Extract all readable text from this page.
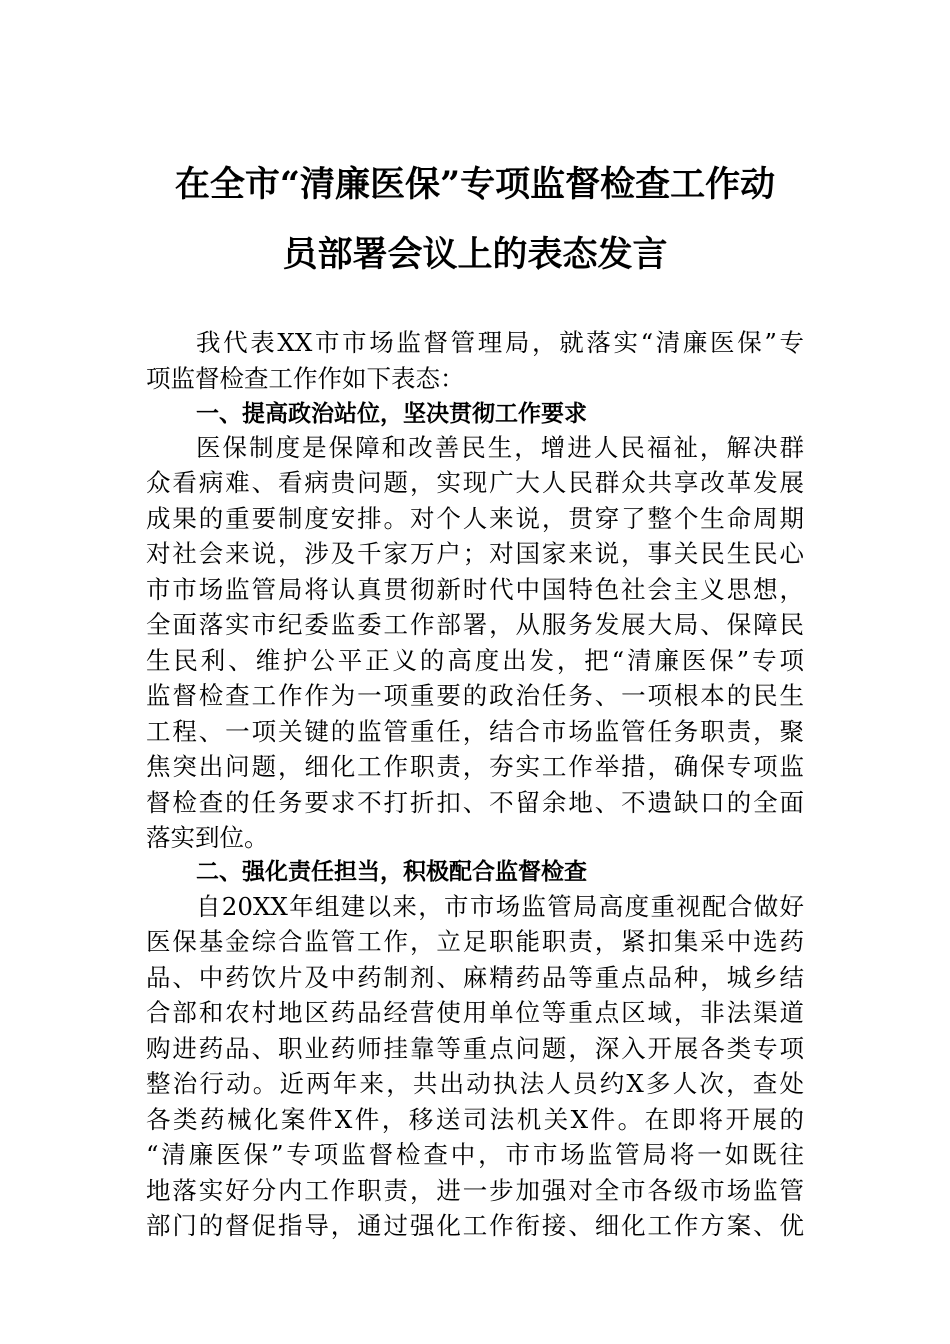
在全市“清廉医保”专项监督检查工作动
员部署会议上的表态发言
我代表XX市市场监督管理局，就落实“清廉医保”专
项监督检查工作作如下表态：
一、提高政治站位，坚决贯彻工作要求
医保制度是保障和改善民生，增进人民福祉，解决群
众看病难、看病贵问题，实现广大人民群众共享改革发展
成果的重要制度安排。对个人来说，贯穿了整个生命周期
对社会来说，涉及千家万户；对国家来说，事关民生民心
市市场监管局将认真贯彻新时代中国特色社会主义思想，
全面落实市纪委监委工作部署，从服务发展大局、保障民
生民利、维护公平正义的高度出发，把“清廉医保”专项
监督检查工作作为一项重要的政治任务、一项根本的民生
工程、一项关键的监管重任，结合市场监管任务职责，聚
焦突出问题，细化工作职责，夯实工作举措，确保专项监
督检查的任务要求不打折扣、不留余地、不遗缺口的全面
落实到位。
二、强化责任担当，积极配合监督检查
自20XX年组建以来，市市场监管局高度重视配合做好
医保基金综合监管工作，立足职能职责，紧扣集采中选药
品、中药饮片及中药制剂、麻精药品等重点品种，城乡结
合部和农村地区药品经营使用单位等重点区域，非法渠道
购进药品、职业药师挂靠等重点问题，深入开展各类专项
整治行动。近两年来，共出动执法人员约X多人次，查处
各类药械化案件X件，移送司法机关X件。在即将开展的
“清廉医保”专项监督检查中，市市场监管局将一如既往
地落实好分内工作职责，进一步加强对全市各级市场监管
部门的督促指导，通过强化工作衔接、细化工作方案、优
